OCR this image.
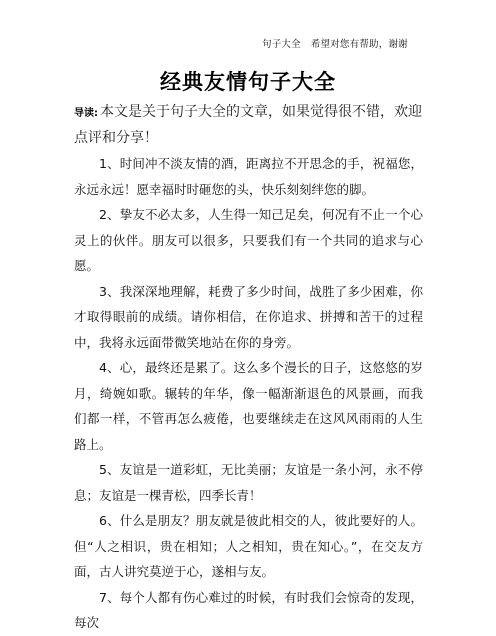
句子大全 希望对您有帮助，谢谢
经典友情句子大全
导读: 本文是关于句子大全的文章，如果觉得很不错，欢迎点评和分享！

1、时间冲不淡友情的酒，距离拉不开思念的手，祝福您，永远永远！愿幸福时时砸您的头，快乐刻刻绊您的脚。

2、挚友不必太多，人生得一知己足矣，何况有不止一个心灵上的伙伴。朋友可以很多，只要我们有一个共同的追求与心愿。

3、我深深地理解，耗费了多少时间，战胜了多少困难，你才取得眼前的成绩。请你相信，在你追求、拼搏和苦干的过程中，我将永远面带微笑地站在你的身旁。

4、心，最终还是累了。这么多个漫长的日子，这悠悠的岁月，绮婉如歌。辗转的年华，像一幅渐渐退色的风景画，而我们都一样，不管再怎么疲倦，也要继续走在这风风雨雨的人生路上。

5、友谊是一道彩虹，无比美丽；友谊是一条小河，永不停息；友谊是一棵青松，四季长青！

6、什么是朋友？朋友就是彼此相交的人，彼此要好的人。但“人之相识，贵在相知；人之相知，贵在知心。”，在交友方面，古人讲究莫逆于心，遂相与友。

7、每个人都有伤心难过的时候，有时我们会惊奇的发现，每次
